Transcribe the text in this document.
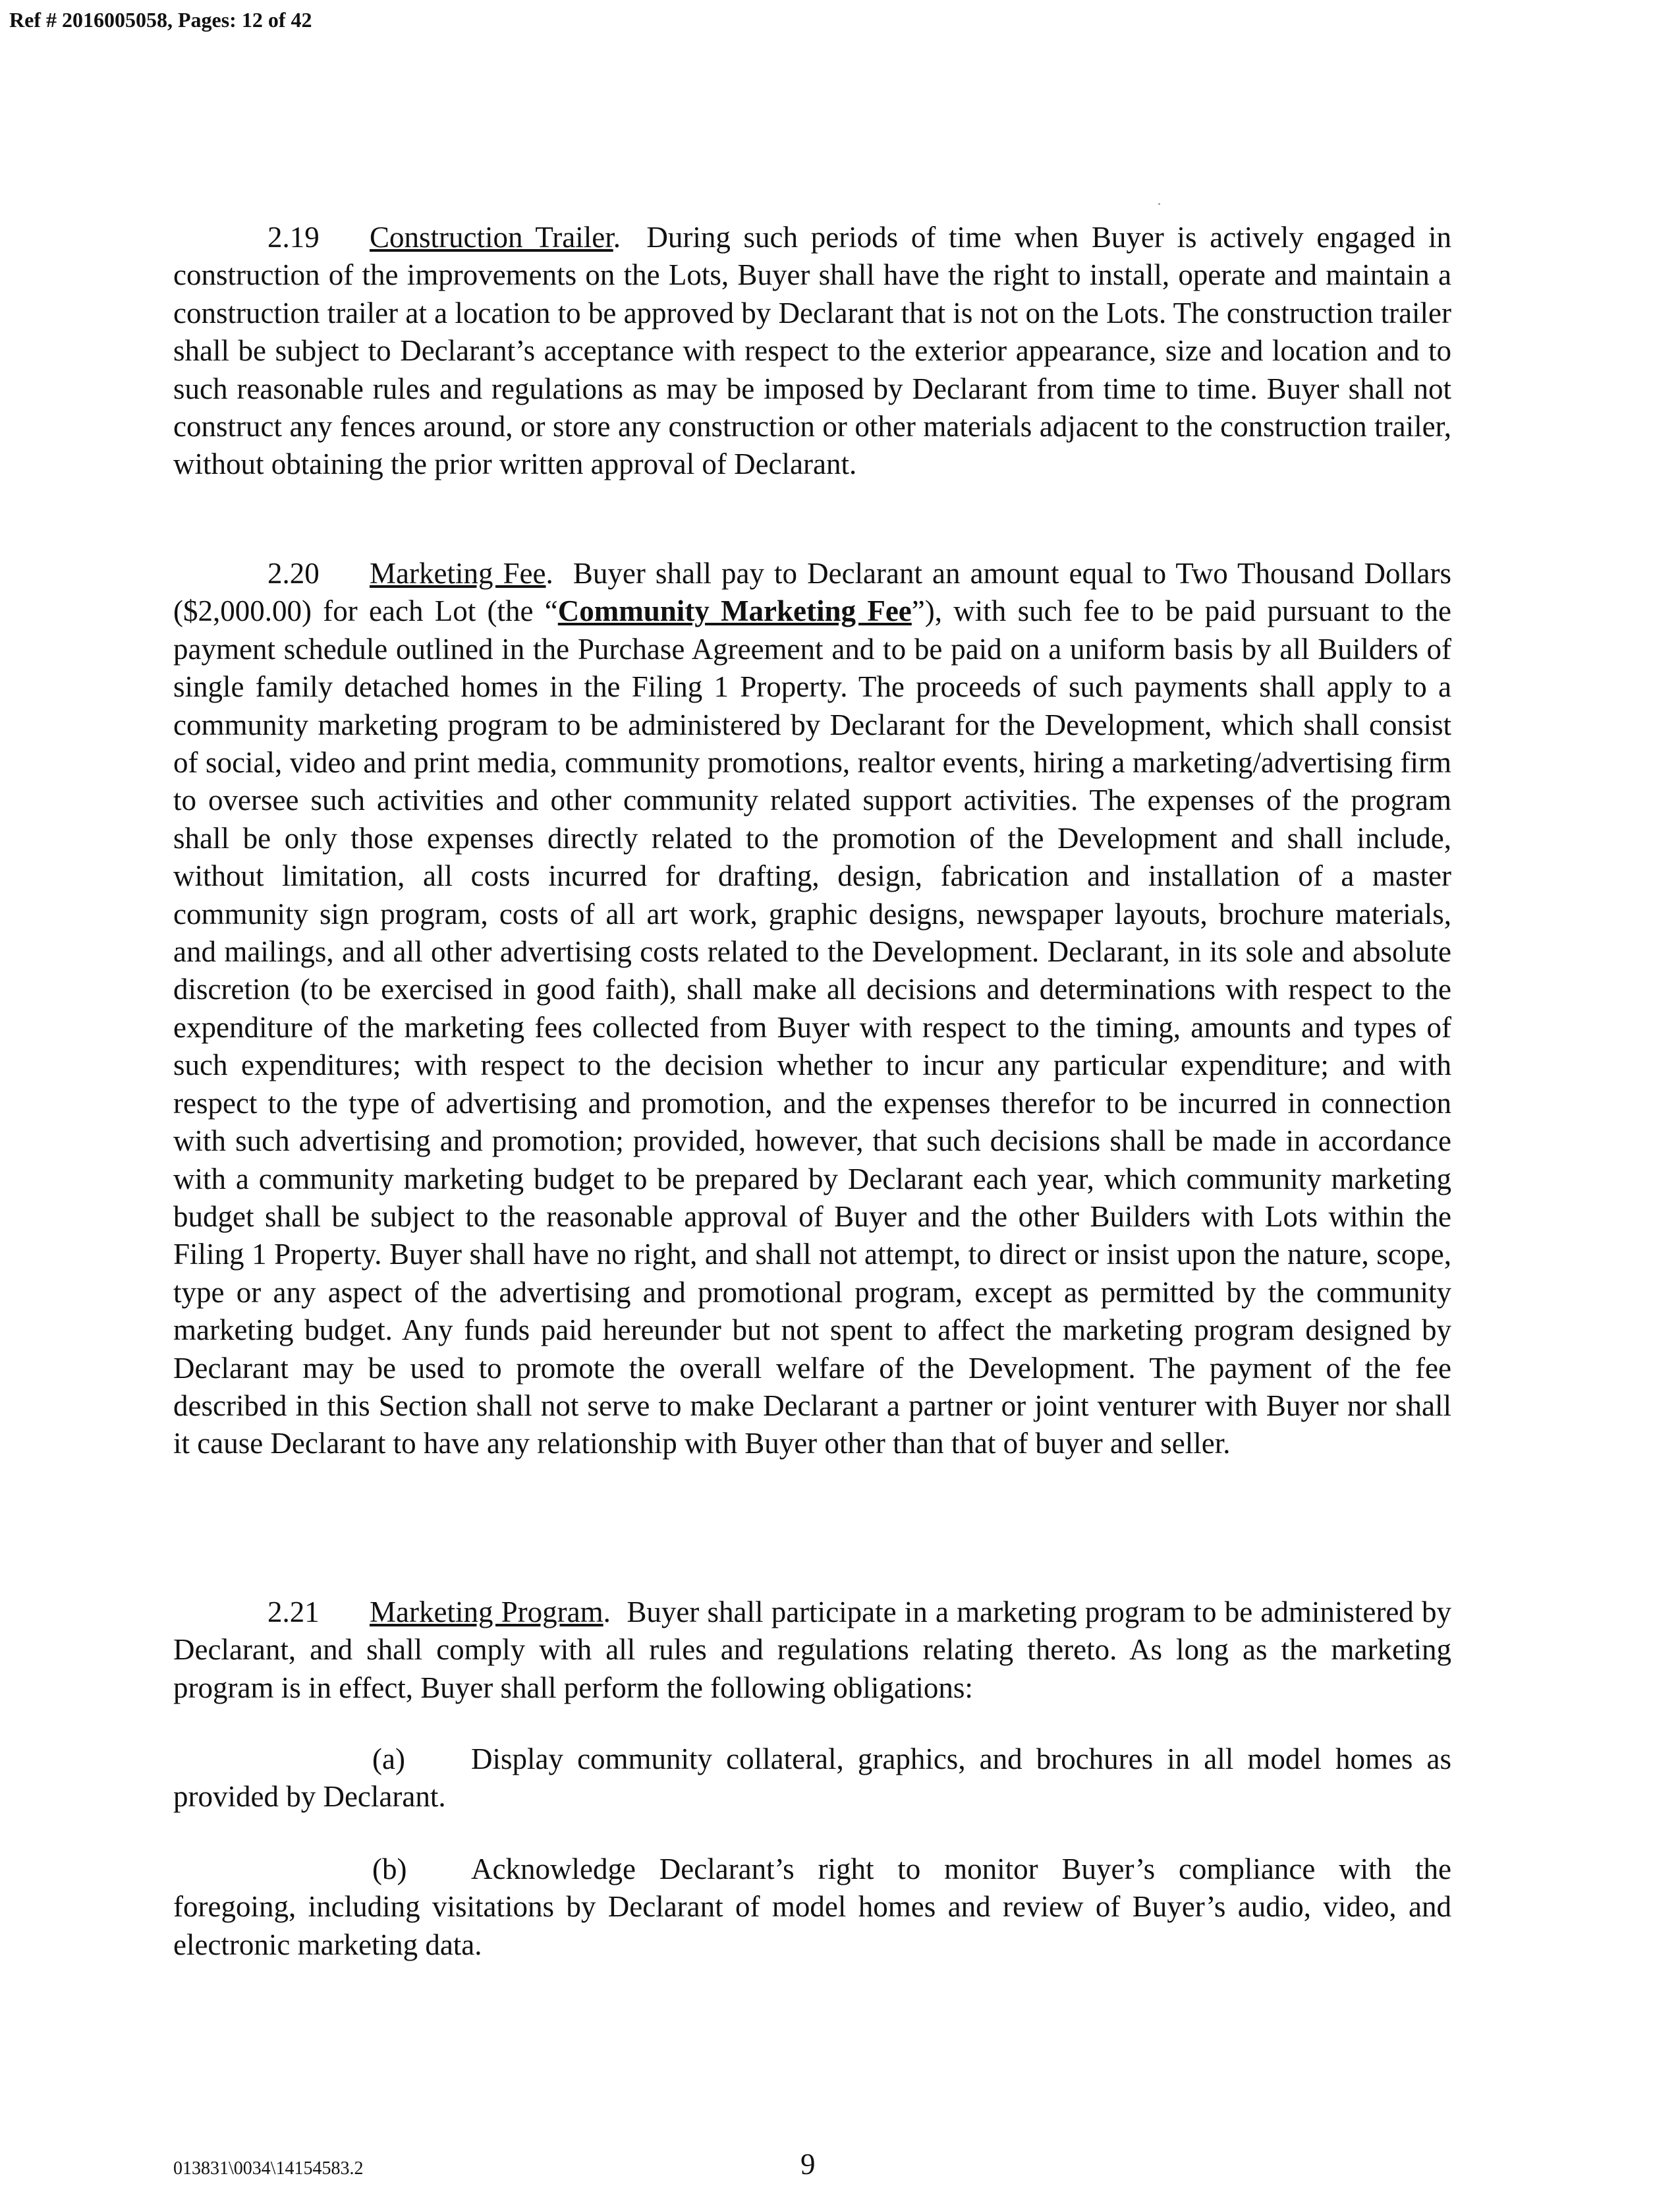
Ref # 2016005058, Pages: 12 of 42

2.19 Construction Trailer.  During such periods of time when Buyer is actively engaged in construction of the improvements on the Lots, Buyer shall have the right to install, operate and maintain a construction trailer at a location to be approved by Declarant that is not on the Lots. The construction trailer shall be subject to Declarant’s acceptance with respect to the exterior appearance, size and location and to such reasonable rules and regulations as may be imposed by Declarant from time to time. Buyer shall not construct any fences around, or store any construction or other materials adjacent to the construction trailer, without obtaining the prior written approval of Declarant.

2.20 Marketing Fee.  Buyer shall pay to Declarant an amount equal to Two Thousand Dollars ($2,000.00) for each Lot (the “Community Marketing Fee”), with such fee to be paid pursuant to the payment schedule outlined in the Purchase Agreement and to be paid on a uniform basis by all Builders of single family detached homes in the Filing 1 Property. The proceeds of such payments shall apply to a community marketing program to be administered by Declarant for the Development, which shall consist of social, video and print media, community promotions, realtor events, hiring a marketing/advertising firm to oversee such activities and other community related support activities. The expenses of the program shall be only those expenses directly related to the promotion of the Development and shall include, without limitation, all costs incurred for drafting, design, fabrication and installation of a master community sign program, costs of all art work, graphic designs, newspaper layouts, brochure materials, and mailings, and all other advertising costs related to the Development. Declarant, in its sole and absolute discretion (to be exercised in good faith), shall make all decisions and determinations with respect to the expenditure of the marketing fees collected from Buyer with respect to the timing, amounts and types of such expenditures; with respect to the decision whether to incur any particular expenditure; and with respect to the type of advertising and promotion, and the expenses therefor to be incurred in connection with such advertising and promotion; provided, however, that such decisions shall be made in accordance with a community marketing budget to be prepared by Declarant each year, which community marketing budget shall be subject to the reasonable approval of Buyer and the other Builders with Lots within the Filing 1 Property. Buyer shall have no right, and shall not attempt, to direct or insist upon the nature, scope, type or any aspect of the advertising and promotional program, except as permitted by the community marketing budget. Any funds paid hereunder but not spent to affect the marketing program designed by Declarant may be used to promote the overall welfare of the Development. The payment of the fee described in this Section shall not serve to make Declarant a partner or joint venturer with Buyer nor shall it cause Declarant to have any relationship with Buyer other than that of buyer and seller.

2.21 Marketing Program.  Buyer shall participate in a marketing program to be administered by Declarant, and shall comply with all rules and regulations relating thereto. As long as the marketing program is in effect, Buyer shall perform the following obligations:

(a) Display community collateral, graphics, and brochures in all model homes as provided by Declarant.

(b) Acknowledge Declarant’s right to monitor Buyer’s compliance with the foregoing, including visitations by Declarant of model homes and review of Buyer’s audio, video, and electronic marketing data.

013831\0034\14154583.2	9
